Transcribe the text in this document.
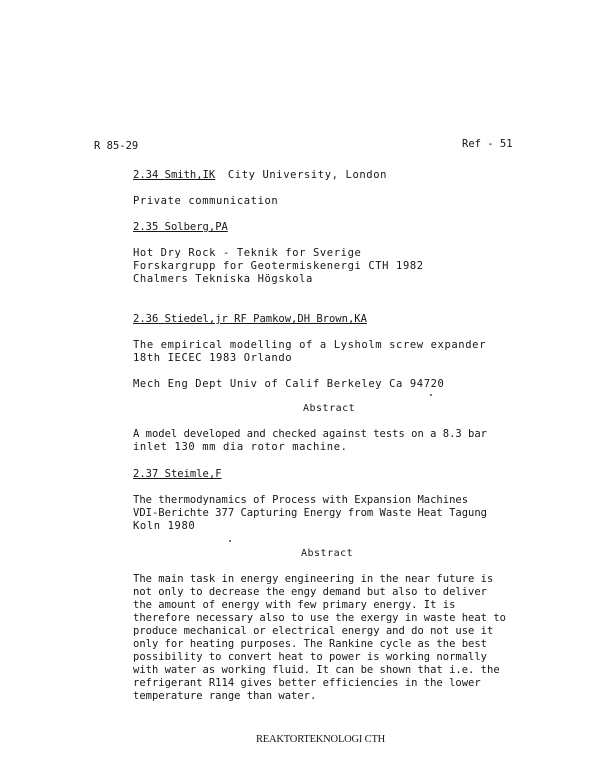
R 85-29	Ref - 51
2.34 Smith,IK City University, London
Private communication
2.35 Solberg,PA
Hot Dry Rock - Teknik for Sverige
Forskargrupp for Geotermiskenergi CTH 1982
Chalmers Tekniska Högskola
2.36 Stiedel,jr RF Pamkow,DH Brown,KA
The empirical modelling of a Lysholm screw expander
18th IECEC 1983 Orlando
Mech Eng Dept Univ of Calif Berkeley Ca 94720
Abstract
A model developed and checked against tests on a 8.3 bar
inlet 130 mm dia rotor machine.
2.37 Steimle,F
The thermodynamics of Process with Expansion Machines
VDI-Berichte 377 Capturing Energy from Waste Heat Tagung
Koln 1980
Abstract
The main task in energy engineering in the near future is
not only to decrease the engy demand but also to deliver
the amount of energy with few primary energy. It is
therefore necessary also to use the exergy in waste heat to
produce mechanical or electrical energy and do not use it
only for heating purposes. The Rankine cycle as the best
possibility to convert heat to power is working normally
with water as working fluid. It can be shown that i.e. the
refrigerant R114 gives better efficiencies in the lower
temperature range than water.
REAKTORTEKNOLOGI CTH
